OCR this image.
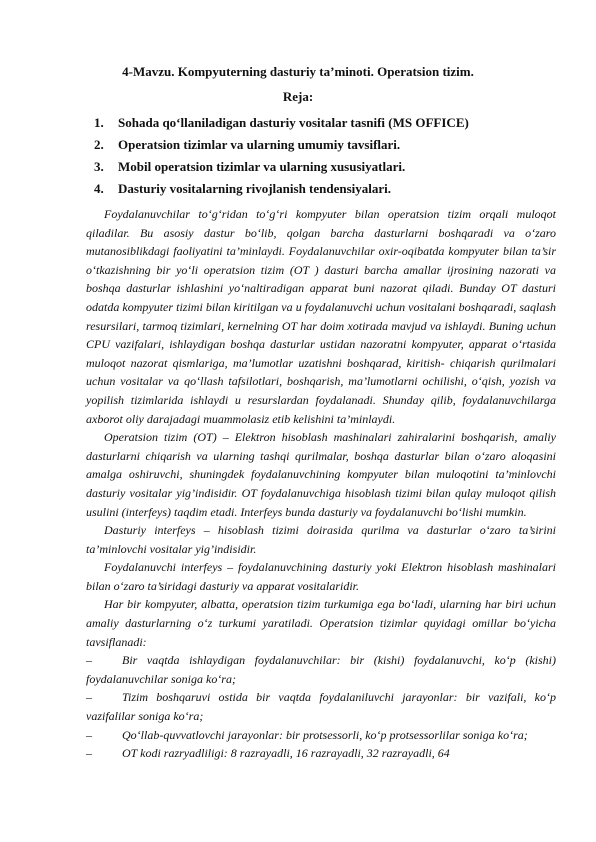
4-Mavzu. Kompyuterning dasturiy ta’minoti. Operatsion tizim.
Reja:
1. Sohada qo‘llaniladigan dasturiy vositalar tasnifi (MS OFFICE)
2. Operatsion tizimlar va ularning umumiy tavsiflari.
3. Mobil operatsion tizimlar va ularning xususiyatlari.
4. Dasturiy vositalarning rivojlanish tendensiyalari.

Foydalanuvchilar to‘g‘ridan to‘g‘ri kompyuter bilan operatsion tizim orqali muloqot qiladilar. Bu asosiy dastur bo‘lib, qolgan barcha dasturlarni boshqaradi va o‘zaro mutanosiblikdagi faoliyatini ta’minlaydi. Foydalanuvchilar oxir-oqibatda kompyuter bilan ta’sir o‘tkazishning bir yo‘li operatsion tizim (OT ) dasturi barcha amallar ijrosining nazorati va boshqa dasturlar ishlashini yo‘naltiradigan apparat buni nazorat qiladi. Bunday OT dasturi odatda kompyuter tizimi bilan kiritilgan va u foydalanuvchi uchun vositalani boshqaradi, saqlash resursilari, tarmoq tizimlari, kernelning OT har doim xotirada mavjud va ishlaydi. Buning uchun CPU vazifalari, ishlaydigan boshqa dasturlar ustidan nazoratni kompyuter, apparat o‘rtasida muloqot nazorat qismlariga, ma’lumotlar uzatishni boshqarad, kiritish- chiqarish qurilmalari uchun vositalar va qo‘llash tafsilotlari, boshqarish, ma’lumotlarni ochilishi, o‘qish, yozish va yopilish tizimlarida ishlaydi u resurslardan foydalanadi. Shunday qilib, foydalanuvchilarga axborot oliy darajadagi muammolasiz etib kelishini ta’minlaydi.

Operatsion tizim (OT) – Elektron hisoblash mashinalari zahiralarini boshqarish, amaliy dasturlarni chiqarish va ularning tashqi qurilmalar, boshqa dasturlar bilan o‘zaro aloqasini amalga oshiruvchi, shuningdek foydalanuvchining kompyuter bilan muloqotini ta’minlovchi dasturiy vositalar yig’indisidir. OT foydalanuvchiga hisoblash tizimi bilan qulay muloqot qilish usulini (interfeys) taqdim etadi. Interfeys bunda dasturiy va foydalanuvchi bo‘lishi mumkin.

Dasturiy interfeys – hisoblash tizimi doirasida qurilma va dasturlar o‘zaro ta’sirini ta’minlovchi vositalar yig’indisidir.

Foydalanuvchi interfeys – foydalanuvchining dasturiy yoki Elektron hisoblash mashinalari bilan o‘zaro ta’siridagi dasturiy va apparat vositalaridir.

Har bir kompyuter, albatta, operatsion tizim turkumiga ega bo‘ladi, ularning har biri uchun amaliy dasturlarning o‘z turkumi yaratiladi. Operatsion tizimlar quyidagi omillar bo‘yicha tavsiflanadi:

–	Bir vaqtda ishlaydigan foydalanuvchilar: bir (kishi) foydalanuvchi, ko‘p (kishi) foydalanuvchilar soniga ko‘ra;

–	Tizim boshqaruvi ostida bir vaqtda foydalaniluvchi jarayonlar: bir vazifali, ko‘p vazifalilar soniga ko‘ra;

–	Qo‘llab-quvvatlovchi jarayonlar: bir protsessorli, ko‘p protsessorlilar soniga ko‘ra;

–	OT kodi razryadliligi: 8 razrayadli, 16 razrayadli, 32 razrayadli, 64
